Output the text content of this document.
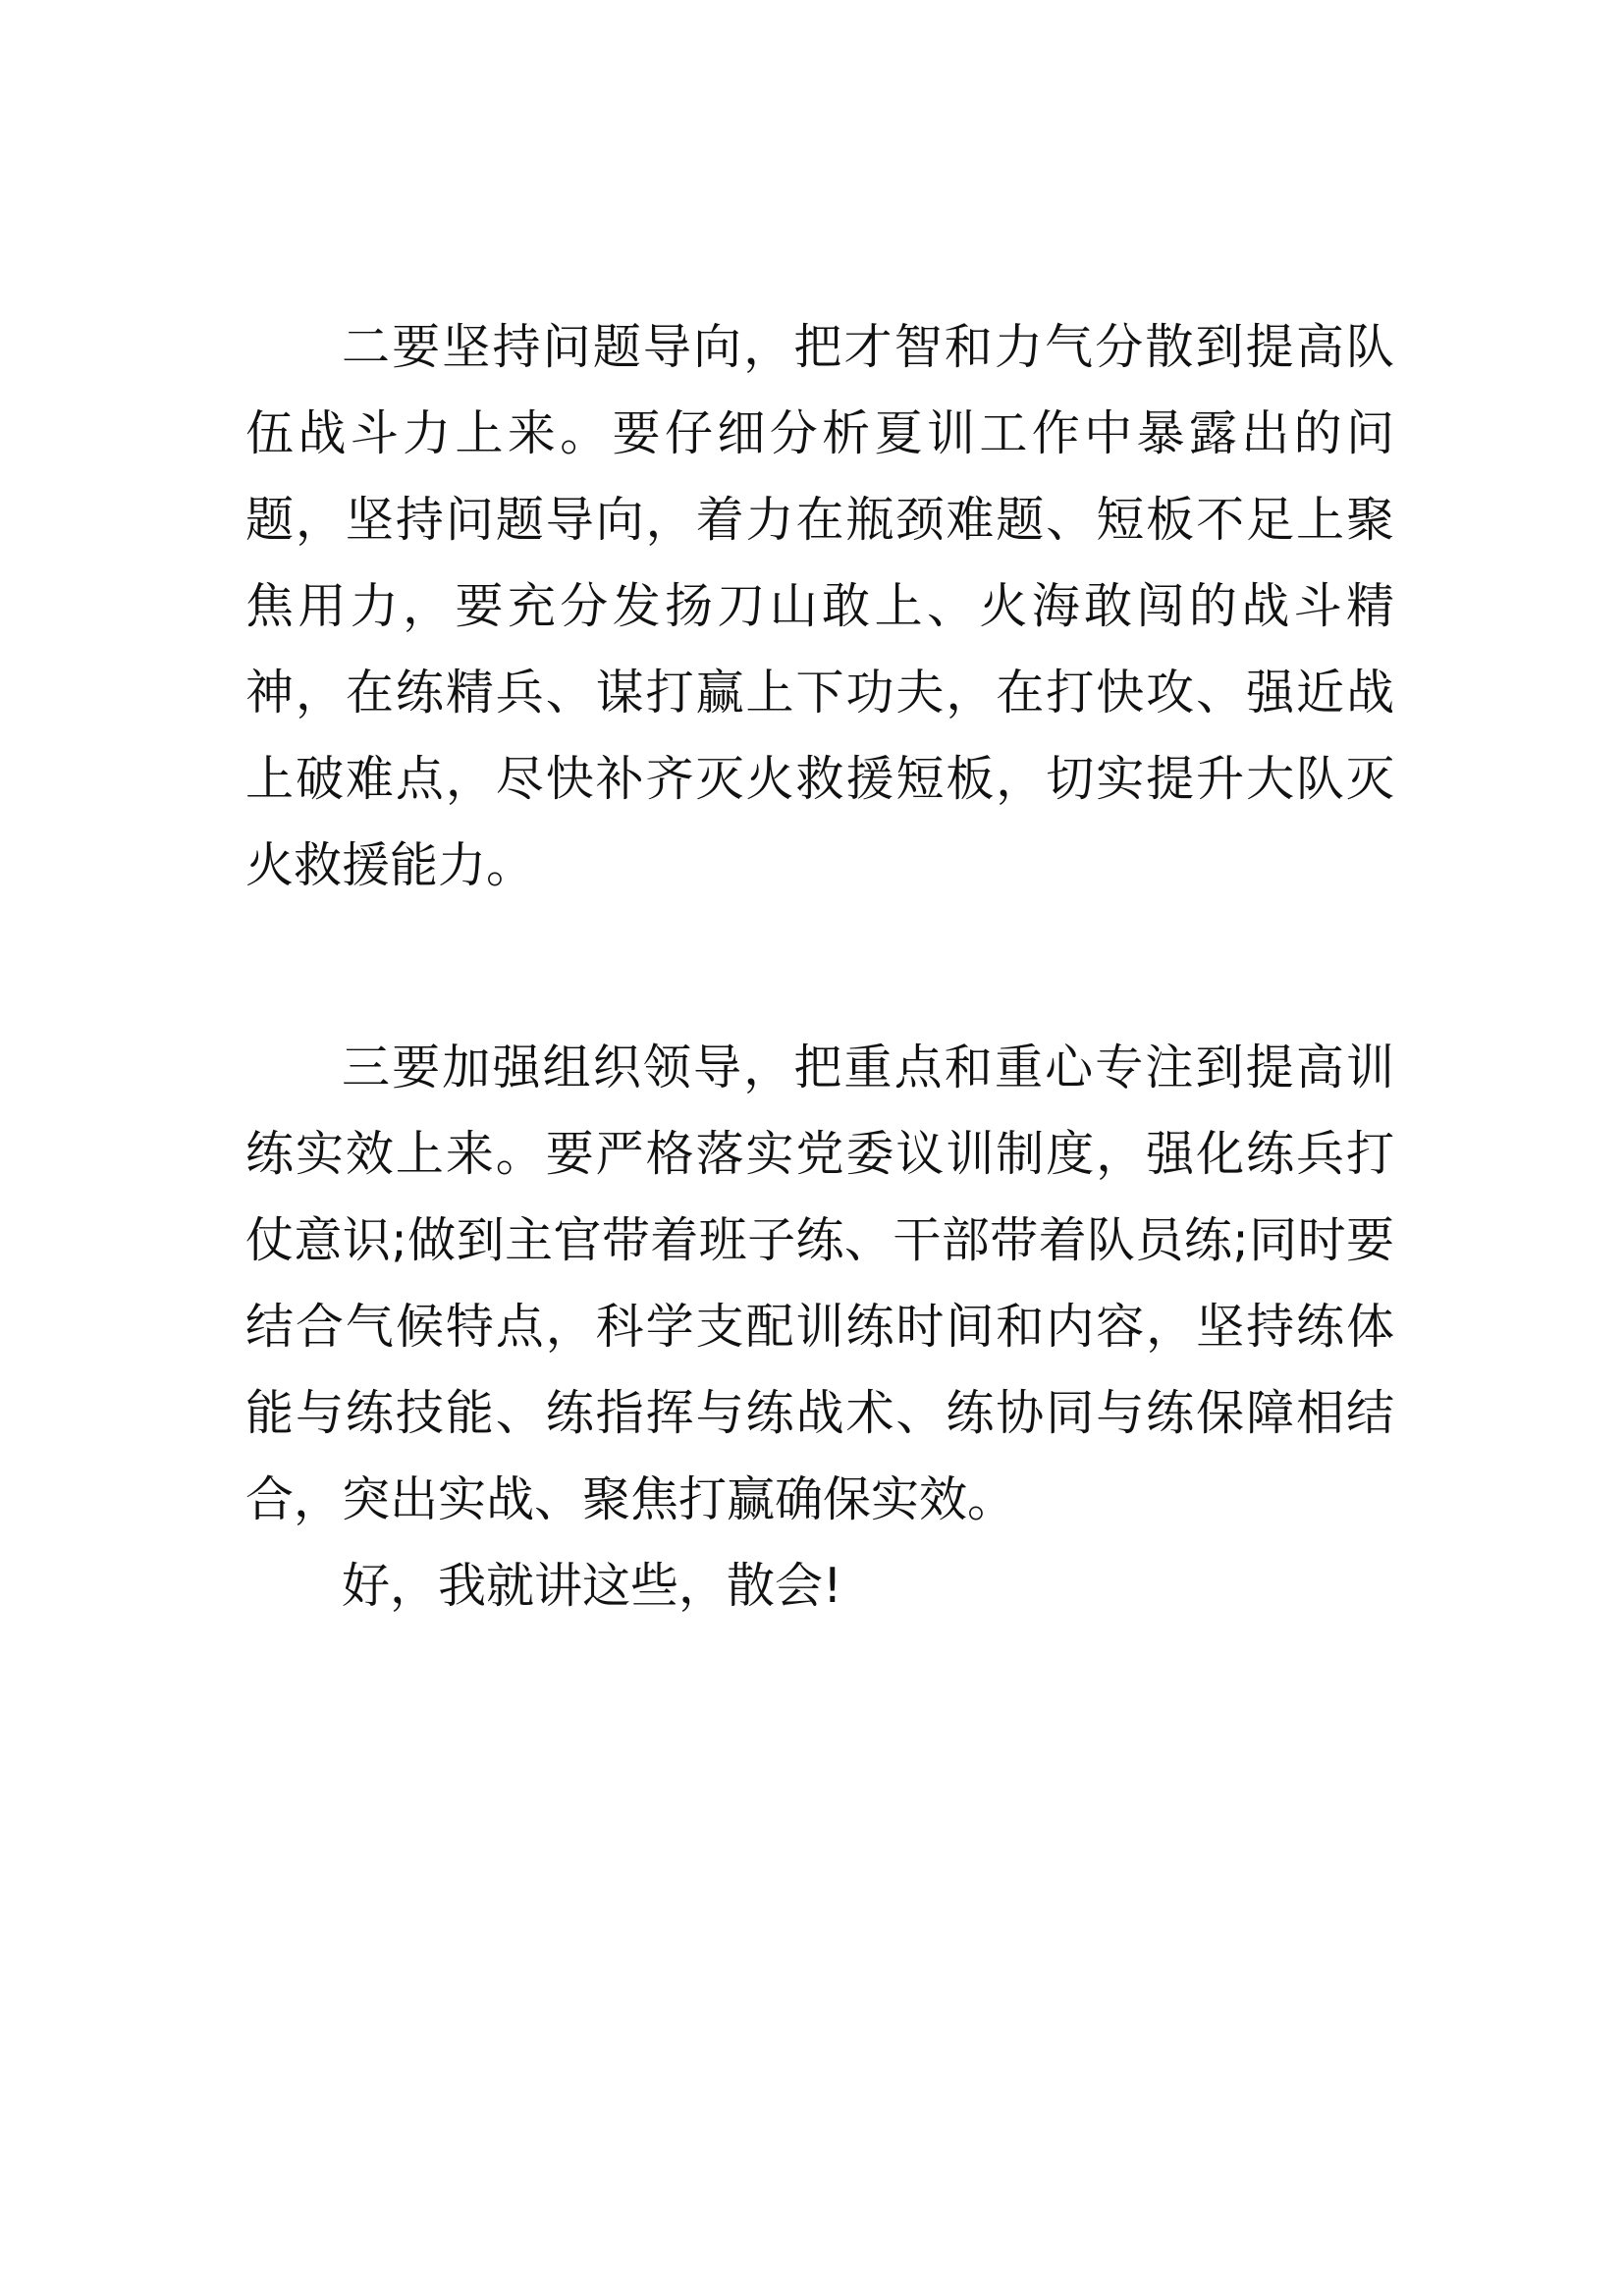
二要坚持问题导向，把才智和力气分散到提高队伍战斗力上来。要仔细分析夏训工作中暴露出的问题，坚持问题导向，着力在瓶颈难题、短板不足上聚焦用力，要充分发扬刀山敢上、火海敢闯的战斗精神，在练精兵、谋打赢上下功夫，在打快攻、强近战上破难点，尽快补齐灭火救援短板，切实提升大队灭火救援能力。

三要加强组织领导，把重点和重心专注到提高训练实效上来。要严格落实党委议训制度，强化练兵打仗意识;做到主官带着班子练、干部带着队员练;同时要结合气候特点，科学支配训练时间和内容，坚持练体能与练技能、练指挥与练战术、练协同与练保障相结合，突出实战、聚焦打赢确保实效。

好，我就讲这些，散会!
